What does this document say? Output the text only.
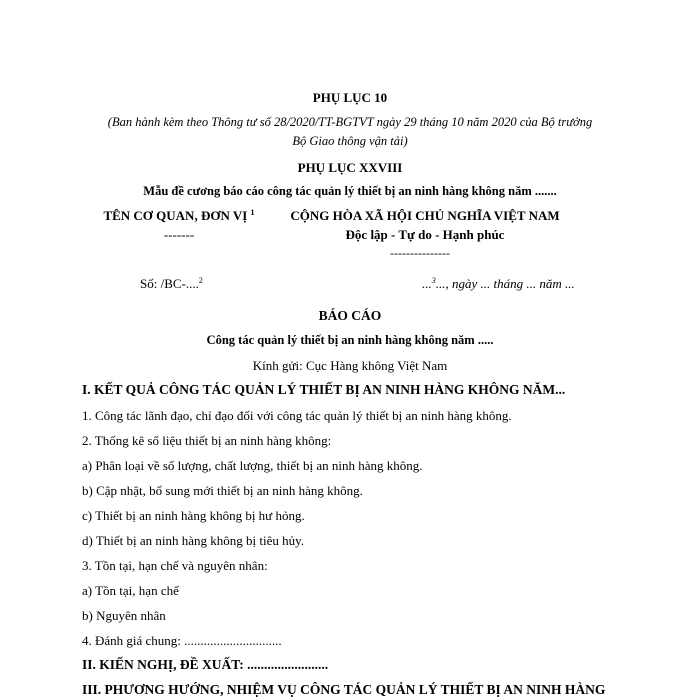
PHỤ LỤC 10
(Ban hành kèm theo Thông tư số 28/2020/TT-BGTVT ngày 29 tháng 10 năm 2020 của Bộ trưởng
Bộ Giao thông vận tải)
PHỤ LỤC XXVIII
Mẫu đề cương báo cáo công tác quản lý thiết bị an ninh hàng không năm .......
TÊN CƠ QUAN, ĐƠN VỊ $^1$
-------
CỘNG HÒA XÃ HỘI CHỦ NGHĨA VIỆT NAM
Độc lập - Tự do - Hạnh phúc
---------------
Số: /BC-....$^2$	...$^3$..., ngày ... tháng ... năm ...
BÁO CÁO
Công tác quản lý thiết bị an ninh hàng không năm .....
Kính gửi: Cục Hàng không Việt Nam
I. KẾT QUẢ CÔNG TÁC QUẢN LÝ THIẾT BỊ AN NINH HÀNG KHÔNG NĂM...
1. Công tác lãnh đạo, chỉ đạo đối với công tác quản lý thiết bị an ninh hàng không.
2. Thống kê số liệu thiết bị an ninh hàng không:
a) Phân loại về số lượng, chất lượng, thiết bị an ninh hàng không.
b) Cập nhật, bổ sung mới thiết bị an ninh hàng không.
c) Thiết bị an ninh hàng không bị hư hỏng.
d) Thiết bị an ninh hàng không bị tiêu hủy.
3. Tồn tại, hạn chế và nguyên nhân:
a) Tồn tại, hạn chế
b) Nguyên nhân
4. Đánh giá chung: ..............................
II. KIẾN NGHỊ, ĐỀ XUẤT: ........................
III. PHƯƠNG HƯỚNG, NHIỆM VỤ CÔNG TÁC QUẢN LÝ THIẾT BỊ AN NINH HÀNG
